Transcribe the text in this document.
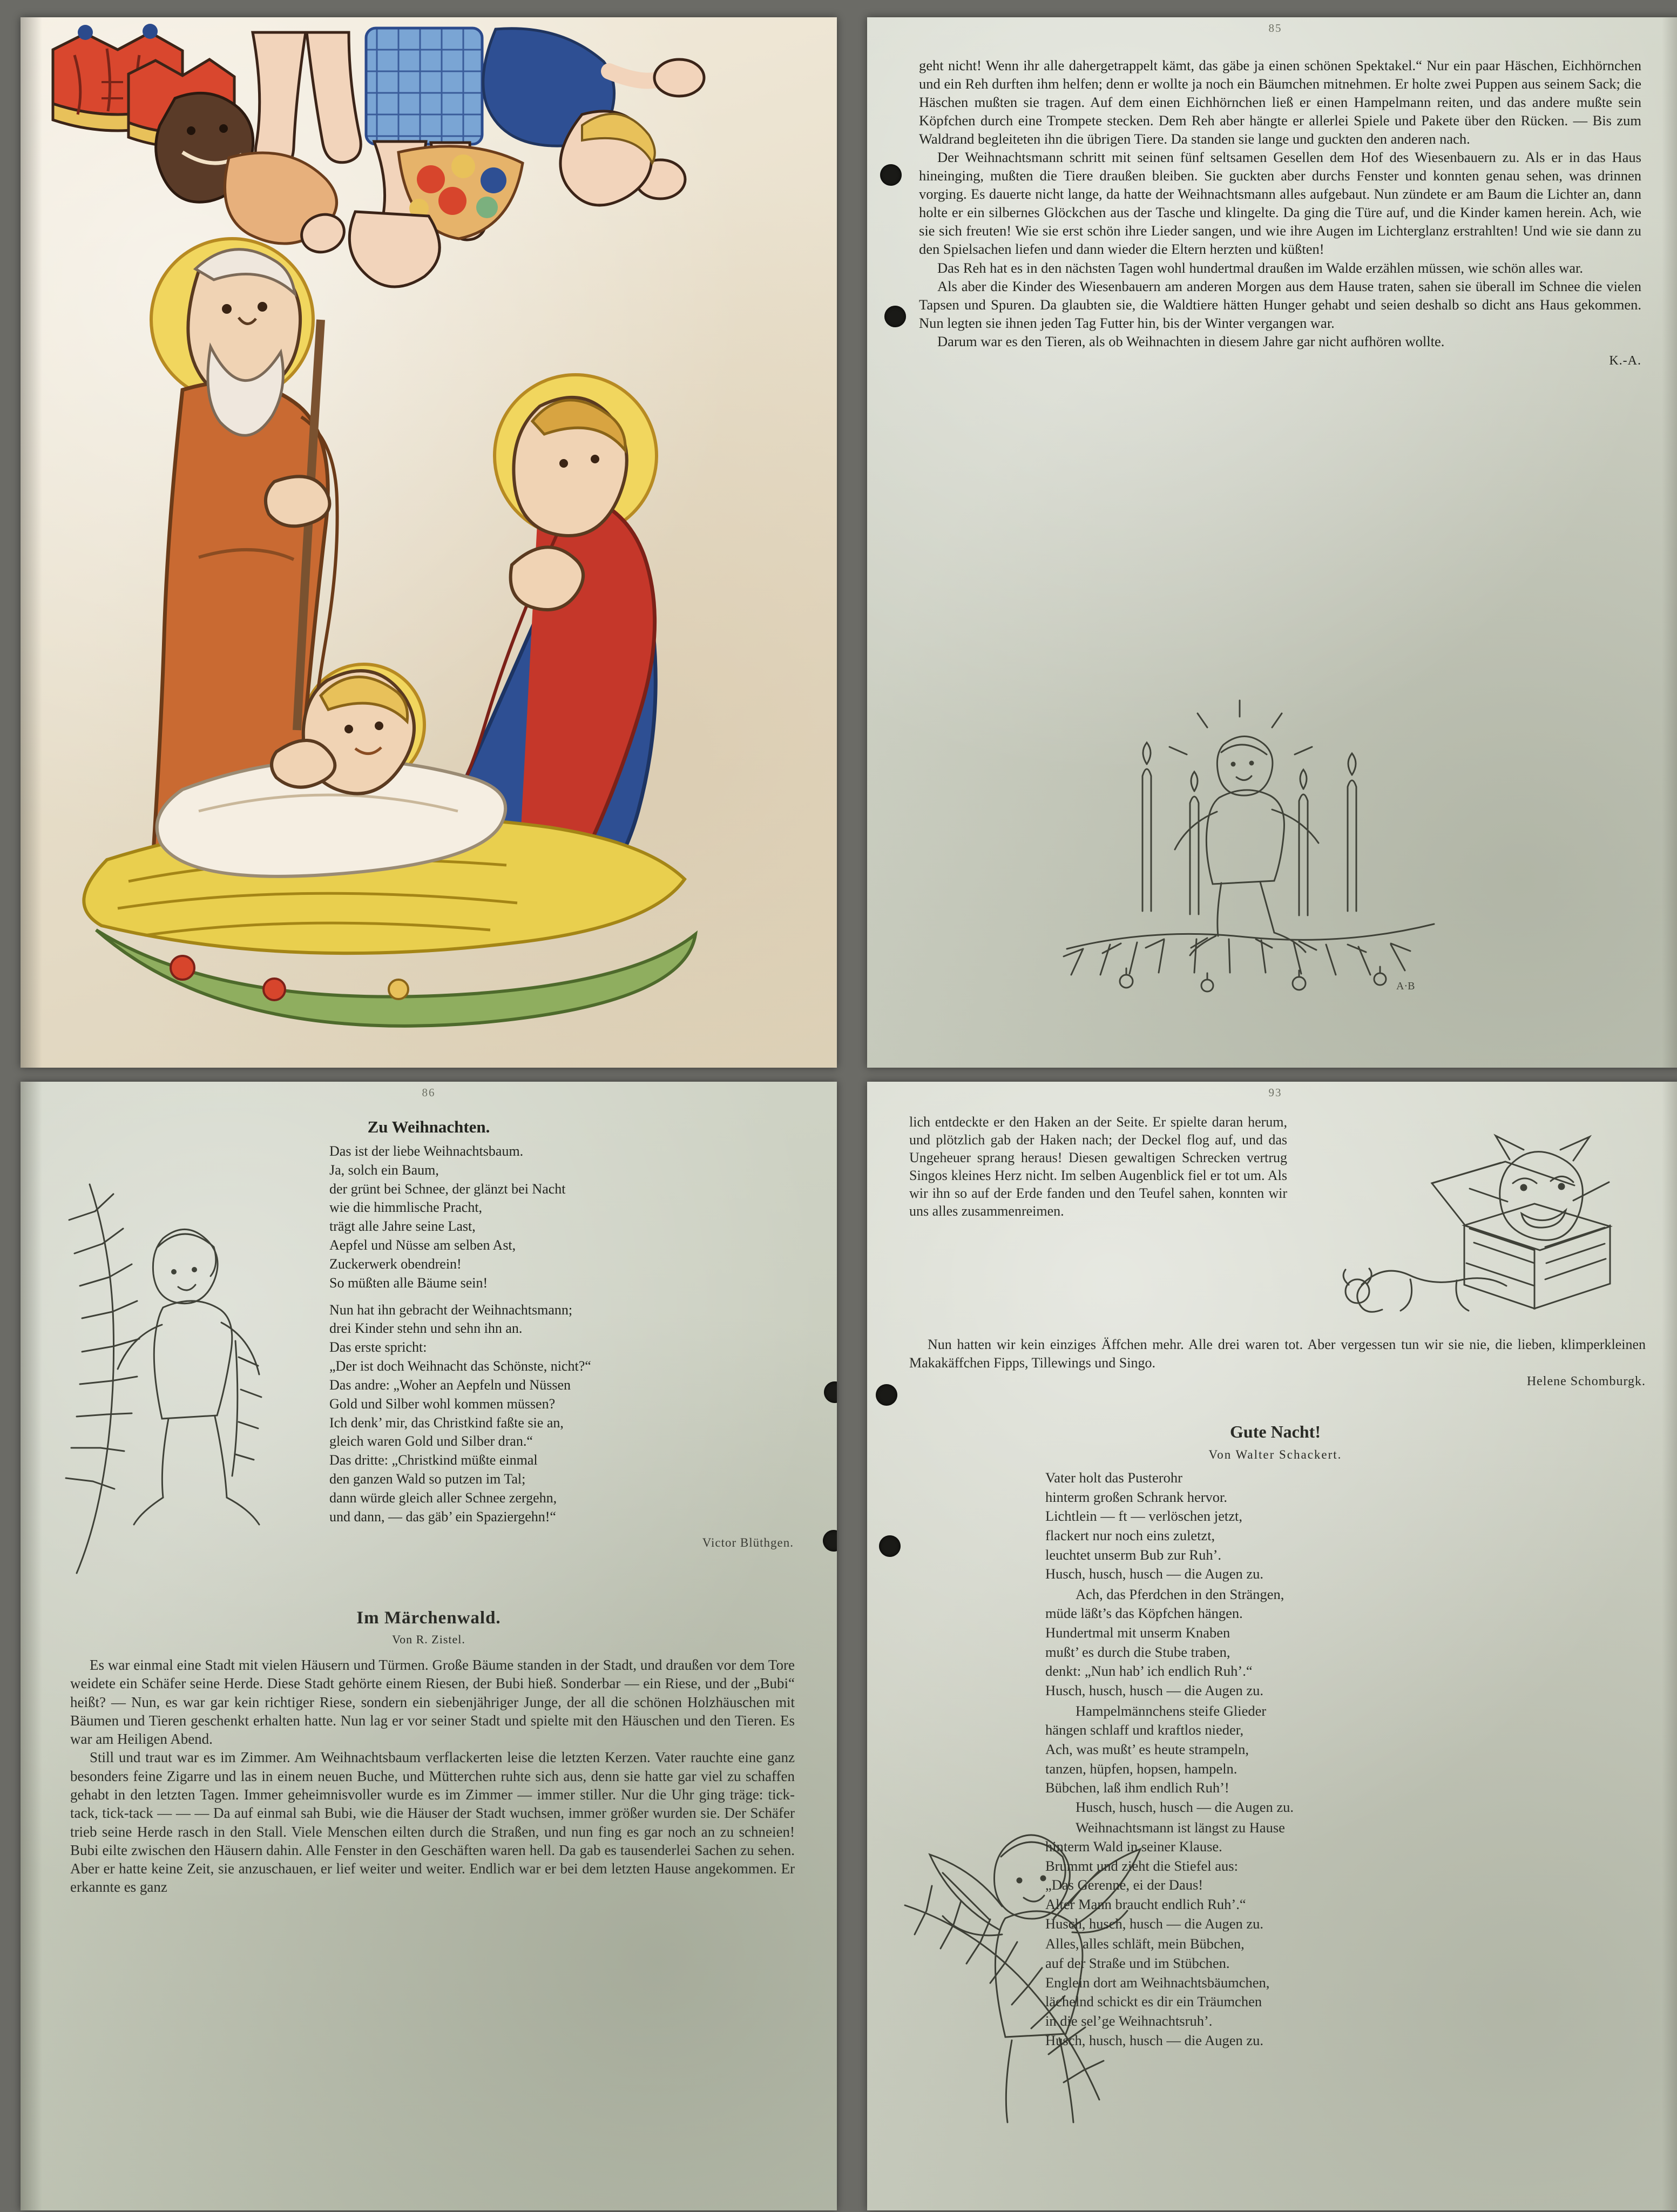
85

geht nicht! Wenn ihr alle dahergetrappelt kämt, das gäbe ja einen schönen Spektakel.“ Nur ein paar Häschen, Eichhörnchen und ein Reh durften ihm helfen; denn er wollte ja noch ein Bäumchen mitnehmen. Er holte zwei Puppen aus seinem Sack; die Häschen mußten sie tragen. Auf dem einen Eichhörnchen ließ er einen Hampelmann reiten, und das andere mußte sein Köpfchen durch eine Trompete stecken. Dem Reh aber hängte er allerlei Spiele und Pakete über den Rücken. — Bis zum Waldrand begleiteten ihn die übrigen Tiere. Da standen sie lange und guckten den anderen nach.

Der Weihnachtsmann schritt mit seinen fünf seltsamen Gesellen dem Hof des Wiesenbauern zu. Als er in das Haus hineinging, mußten die Tiere draußen bleiben. Sie guckten aber durchs Fenster und konnten genau sehen, was drinnen vorging. Es dauerte nicht lange, da hatte der Weihnachtsmann alles aufgebaut. Nun zündete er am Baum die Lichter an, dann holte er ein silbernes Glöckchen aus der Tasche und klingelte. Da ging die Türe auf, und die Kinder kamen herein. Ach, wie sie sich freuten! Wie sie erst schön ihre Lieder sangen, und wie ihre Augen im Lichterglanz erstrahlten! Und wie sie dann zu den Spielsachen liefen und dann wieder die Eltern herzten und küßten!

Das Reh hat es in den nächsten Tagen wohl hundertmal draußen im Walde erzählen müssen, wie schön alles war.

Als aber die Kinder des Wiesenbauern am anderen Morgen aus dem Hause traten, sahen sie überall im Schnee die vielen Tapsen und Spuren. Da glaubten sie, die Waldtiere hätten Hunger gehabt und seien deshalb so dicht ans Haus gekommen. Nun legten sie ihnen jeden Tag Futter hin, bis der Winter vergangen war.

Darum war es den Tieren, als ob Weihnachten in diesem Jahre gar nicht aufhören wollte.

K.-A.
A·B
86
Zu Weihnachten.
Das ist der liebe Weihnachtsbaum.
Ja, solch ein Baum,
der grünt bei Schnee, der glänzt bei Nacht
wie die himmlische Pracht,
trägt alle Jahre seine Last,
Aepfel und Nüsse am selben Ast,
Zuckerwerk obendrein!
So müßten alle Bäume sein!
Nun hat ihn gebracht der Weihnachtsmann;
drei Kinder stehn und sehn ihn an.
Das erste spricht:
„Der ist doch Weihnacht das Schönste, nicht?“
Das andre: „Woher an Aepfeln und Nüssen
Gold und Silber wohl kommen müssen?
Ich denk’ mir, das Christkind faßte sie an,
gleich waren Gold und Silber dran.“
Das dritte: „Christkind müßte einmal
den ganzen Wald so putzen im Tal;
dann würde gleich aller Schnee zergehn,
und dann, — das gäb’ ein Spaziergehn!“
Victor Blüthgen.
Im Märchenwald.
Von R. Zistel.

Es war einmal eine Stadt mit vielen Häusern und Türmen. Große Bäume standen in der Stadt, und draußen vor dem Tore weidete ein Schäfer seine Herde. Diese Stadt gehörte einem Riesen, der Bubi hieß. Sonderbar — ein Riese, und der „Bubi“ heißt? — Nun, es war gar kein richtiger Riese, sondern ein siebenjähriger Junge, der all die schönen Holzhäuschen mit Bäumen und Tieren geschenkt erhalten hatte. Nun lag er vor seiner Stadt und spielte mit den Häuschen und den Tieren. Es war am Heiligen Abend.

Still und traut war es im Zimmer. Am Weihnachtsbaum verflackerten leise die letzten Kerzen. Vater rauchte eine ganz besonders feine Zigarre und las in einem neuen Buche, und Mütterchen ruhte sich aus, denn sie hatte gar viel zu schaffen gehabt in den letzten Tagen. Immer geheimnisvoller wurde es im Zimmer — immer stiller. Nur die Uhr ging träge: tick-tack, tick-tack — — — Da auf einmal sah Bubi, wie die Häuser der Stadt wuchsen, immer größer wurden sie. Der Schäfer trieb seine Herde rasch in den Stall. Viele Menschen eilten durch die Straßen, und nun fing es gar noch an zu schneien! Bubi eilte zwischen den Häusern dahin. Alle Fenster in den Geschäften waren hell. Da gab es tausenderlei Sachen zu sehen. Aber er hatte keine Zeit, sie anzuschauen, er lief weiter und weiter. Endlich war er bei dem letzten Hause angekommen. Er erkannte es ganz

93

lich entdeckte er den Haken an der Seite. Er spielte daran herum, und plötzlich gab der Haken nach; der Deckel flog auf, und das Ungeheuer sprang heraus! Diesen gewaltigen Schrecken vertrug Singos kleines Herz nicht. Im selben Augenblick fiel er tot um. Als wir ihn so auf der Erde fanden und den Teufel sahen, konnten wir uns alles zusammenreimen.

Nun hatten wir kein einziges Äffchen mehr. Alle drei waren tot. Aber vergessen tun wir sie nie, die lieben, klimperkleinen Makakäffchen Fipps, Tillewings und Singo.

Helene Schomburgk.
Gute Nacht!
Von Walter Schackert.
Vater holt das Pusterohr
hinterm großen Schrank hervor.
Lichtlein — ft — verlöschen jetzt,
flackert nur noch eins zuletzt,
leuchtet unserm Bub zur Ruh’.
Husch, husch, husch — die Augen zu.
Ach, das Pferdchen in den Strängen,
müde läßt’s das Köpfchen hängen.
Hundertmal mit unserm Knaben
mußt’ es durch die Stube traben,
denkt: „Nun hab’ ich endlich Ruh’.“
Husch, husch, husch — die Augen zu.
Hampelmännchens steife Glieder
hängen schlaff und kraftlos nieder,
Ach, was mußt’ es heute strampeln,
tanzen, hüpfen, hopsen, hampeln.
Bübchen, laß ihm endlich Ruh’!
Husch, husch, husch — die Augen zu.
Weihnachtsmann ist längst zu Hause
hinterm Wald in seiner Klause.
Brummt und zieht die Stiefel aus:
„Das Gerenne, ei der Daus!
Alter Mann braucht endlich Ruh’.“
Husch, husch, husch — die Augen zu.
Alles, alles schläft, mein Bübchen,
auf der Straße und im Stübchen.
Englein dort am Weihnachtsbäumchen,
lächelnd schickt es dir ein Träumchen
in die sel’ge Weihnachtsruh’.
Husch, husch, husch — die Augen zu.
